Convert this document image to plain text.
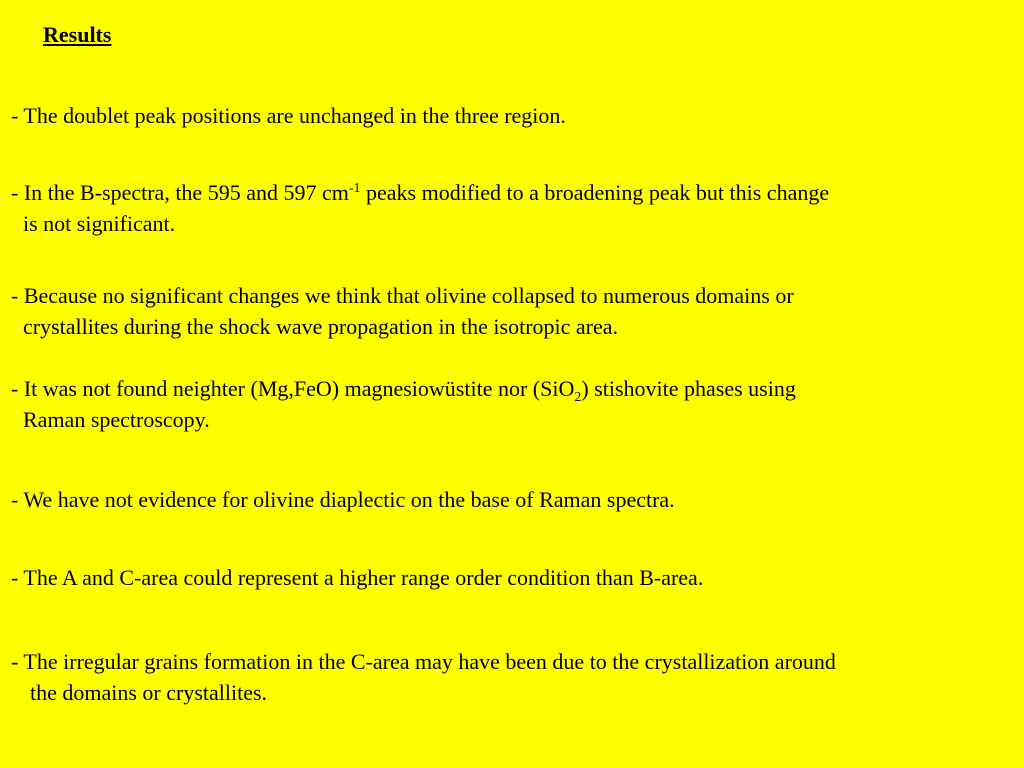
Results
- The doublet peak positions are unchanged in the three region.
- In the B-spectra, the 595 and 597 $cm^{-1}$ peaks modified to a broadening peak but this change
is not significant.
- Because no significant changes we think that olivine collapsed to numerous domains or
crystallites during the shock wave propagation in the isotropic area.
- It was not found neighter (Mg,FeO) magnesiowüstite nor (SiO$_2$) stishovite phases using
Raman spectroscopy.
- We have not evidence for olivine diaplectic on the base of Raman spectra.
- The A and C-area could represent a higher range order condition than B-area.
- The irregular grains formation in the C-area may have been due to the crystallization around
the domains or crystallites.
